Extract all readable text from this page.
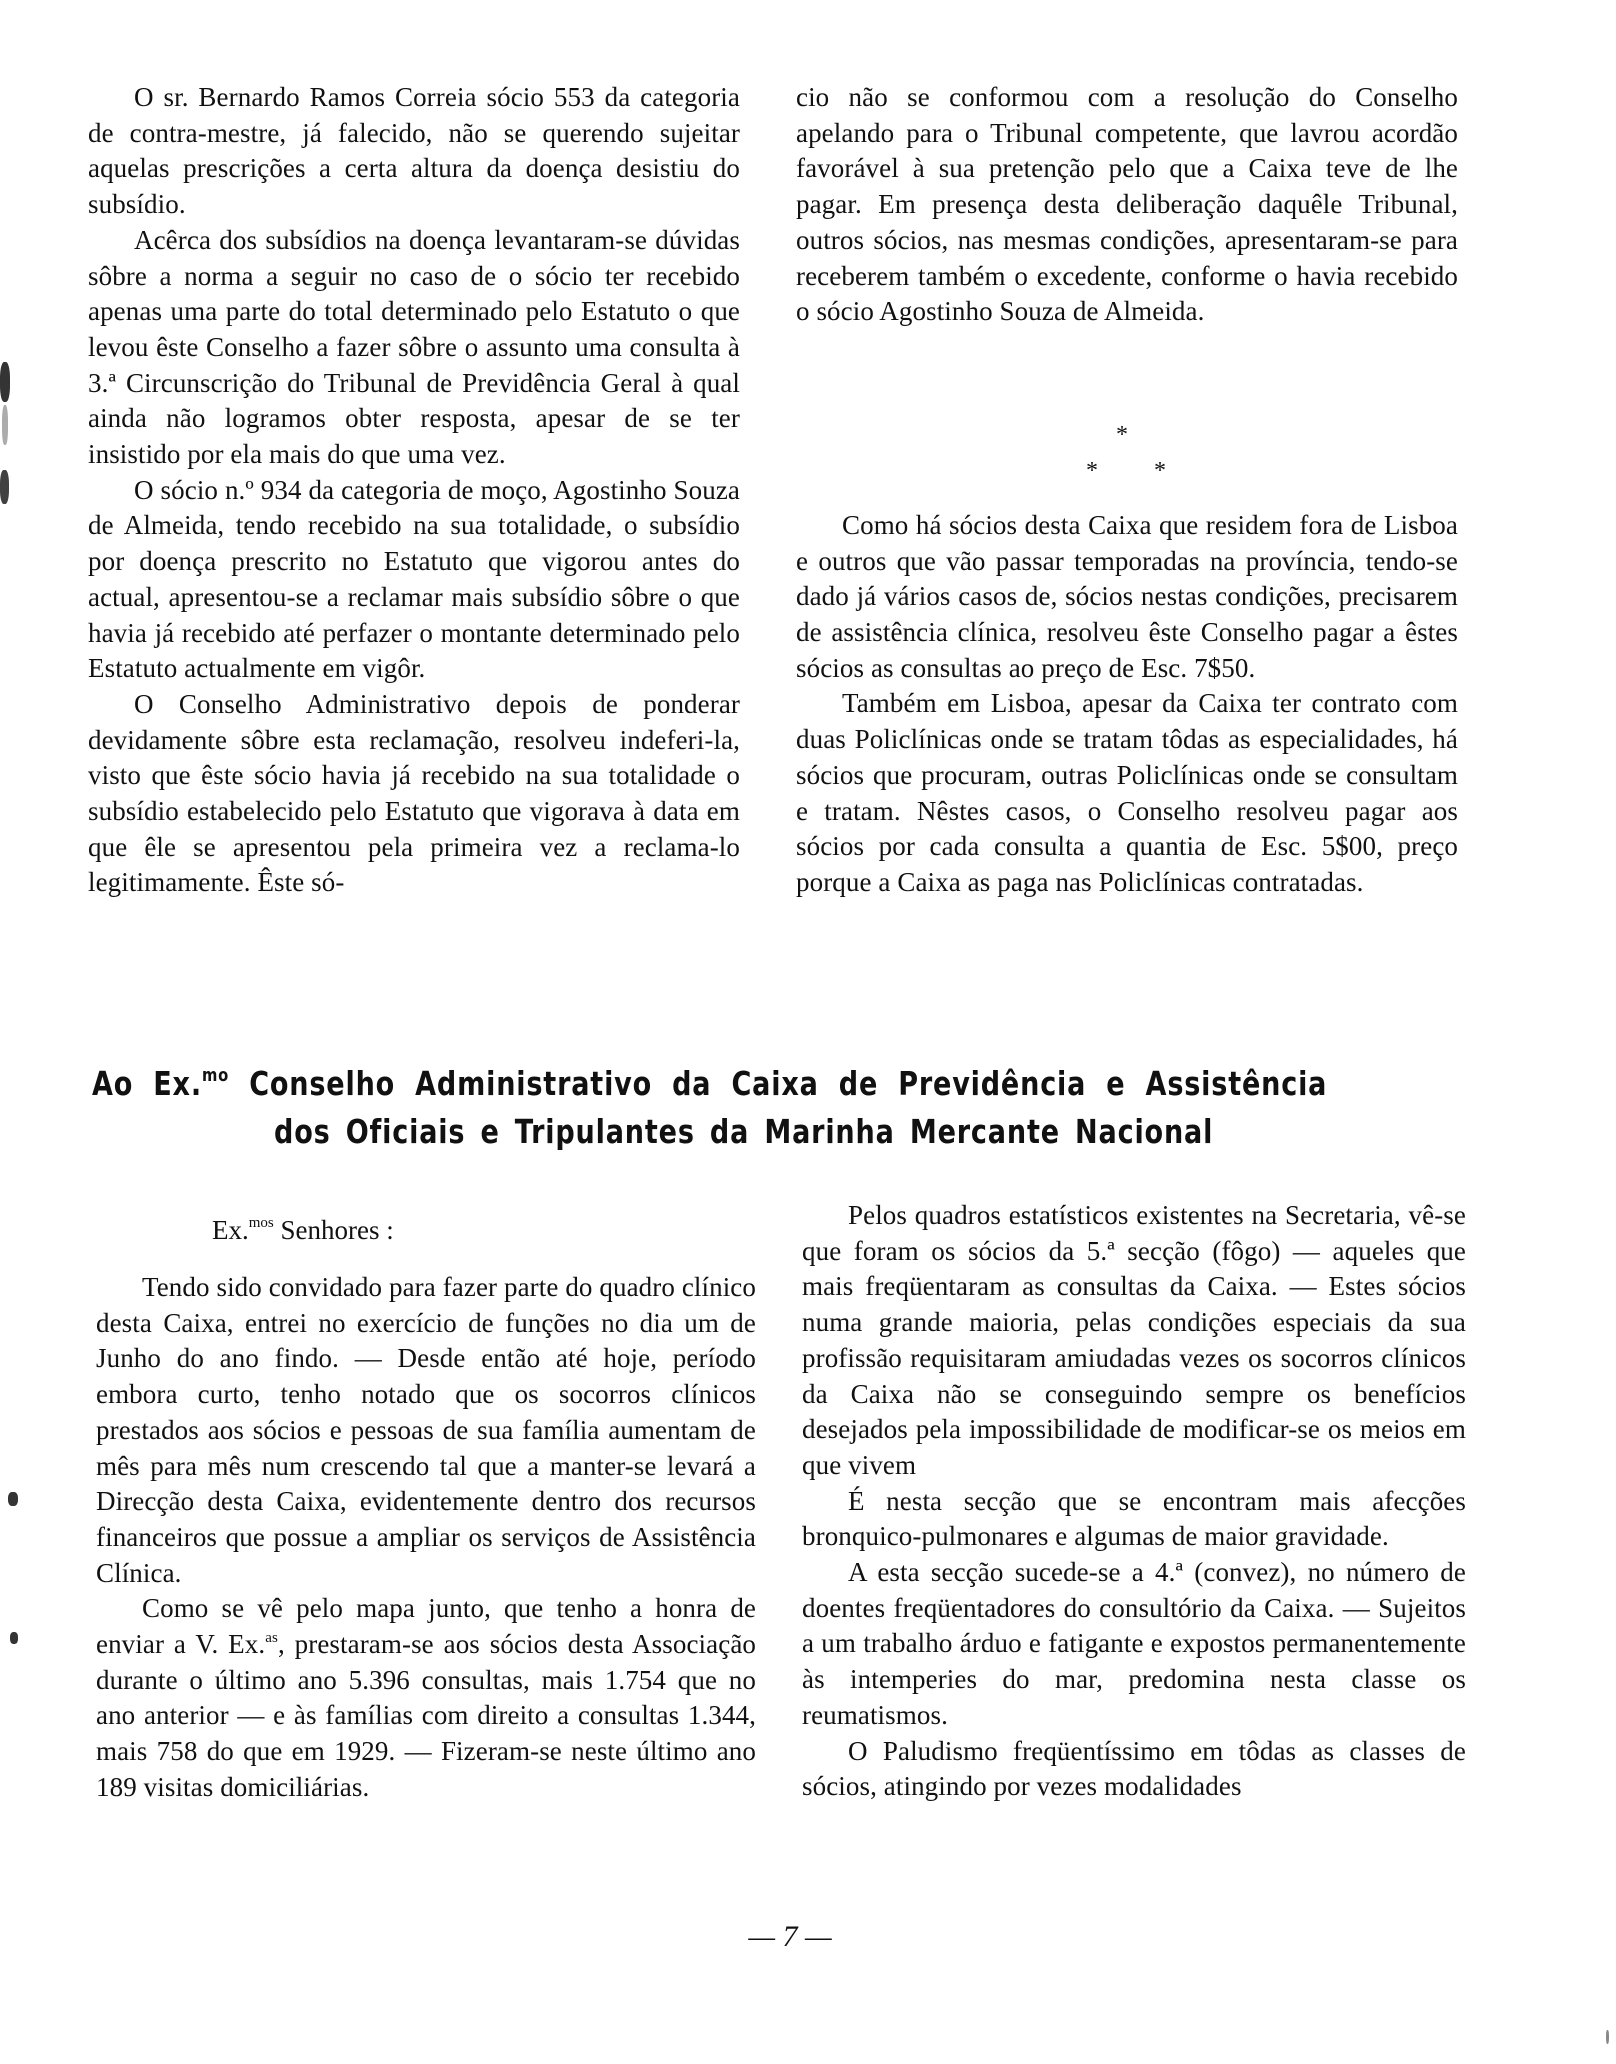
O sr. Bernardo Ramos Correia sócio 553 da categoria de contra-mestre, já falecido, não se querendo sujeitar aquelas prescrições a certa altura da doença desistiu do subsídio.

Acêrca dos subsídios na doença levantaram-se dúvidas sôbre a norma a seguir no caso de o sócio ter recebido apenas uma parte do total determinado pelo Estatuto o que levou êste Conselho a fazer sôbre o assunto uma consulta à 3.ª Circunscrição do Tribunal de Previdência Geral à qual ainda não logramos obter resposta, apesar de se ter insistido por ela mais do que uma vez.

O sócio n.º 934 da categoria de moço, Agostinho Souza de Almeida, tendo recebido na sua totalidade, o subsídio por doença prescrito no Estatuto que vigorou antes do actual, apresentou-se a reclamar mais subsídio sôbre o que havia já recebido até perfazer o montante determinado pelo Estatuto actualmente em vigôr.

O Conselho Administrativo depois de ponderar devidamente sôbre esta reclamação, resolveu indeferi-la, visto que êste sócio havia já recebido na sua totalidade o subsídio estabelecido pelo Estatuto que vigorava à data em que êle se apresentou pela primeira vez a reclama-lo legitimamente. Êste só-

cio não se conformou com a resolução do Conselho apelando para o Tribunal competente, que lavrou acordão favorável à sua pretenção pelo que a Caixa teve de lhe pagar. Em presença desta deliberação daquêle Tribunal, outros sócios, nas mesmas condições, apresentaram-se para receberem também o excedente, conforme o havia recebido o sócio Agostinho Souza de Almeida.

Como há sócios desta Caixa que residem fora de Lisboa e outros que vão passar temporadas na província, tendo-se dado já vários casos de, sócios nestas condições, precisarem de assistência clínica, resolveu êste Conselho pagar a êstes sócios as consultas ao preço de Esc. 7$50.

Também em Lisboa, apesar da Caixa ter contrato com duas Policlínicas onde se tratam tôdas as especialidades, há sócios que procuram, outras Policlínicas onde se consultam e tratam. Nêstes casos, o Conselho resolveu pagar aos sócios por cada consulta a quantia de Esc. 5$00, preço porque a Caixa as paga nas Policlínicas contratadas.

*
* *
Ao Ex.$^{mo}$ Conselho Administrativo da Caixa de Previdência e Assistência
dos Oficiais e Tripulantes da Marinha Mercante Nacional
Ex.$^{mos}$ Senhores :

Tendo sido convidado para fazer parte do quadro clínico desta Caixa, entrei no exercício de funções no dia um de Junho do ano findo. — Desde então até hoje, período embora curto, tenho notado que os socorros clínicos prestados aos sócios e pessoas de sua família aumentam de mês para mês num crescendo tal que a manter-se levará a Direcção desta Caixa, evidentemente dentro dos recursos financeiros que possue a ampliar os serviços de Assistência Clínica.

Como se vê pelo mapa junto, que tenho a honra de enviar a V. Ex.$^{as}$, prestaram-se aos sócios desta Associação durante o último ano 5.396 consultas, mais 1.754 que no ano anterior — e às famílias com direito a consultas 1.344, mais 758 do que em 1929. — Fizeram-se neste último ano 189 visitas domiciliárias.

Pelos quadros estatísticos existentes na Secretaria, vê-se que foram os sócios da 5.ª secção (fôgo) — aqueles que mais freqüentaram as consultas da Caixa. — Estes sócios numa grande maioria, pelas condições especiais da sua profissão requisitaram amiudadas vezes os socorros clínicos da Caixa não se conseguindo sempre os benefícios desejados pela impossibilidade de modificar-se os meios em que vivem

É nesta secção que se encontram mais afecções bronquico-pulmonares e algumas de maior gravidade.

A esta secção sucede-se a 4.ª (convez), no número de doentes freqüentadores do consultório da Caixa. — Sujeitos a um trabalho árduo e fatigante e expostos permanentemente às intemperies do mar, predomina nesta classe os reumatismos.

O Paludismo freqüentíssimo em tôdas as classes de sócios, atingindo por vezes modalidades

— 7 —
